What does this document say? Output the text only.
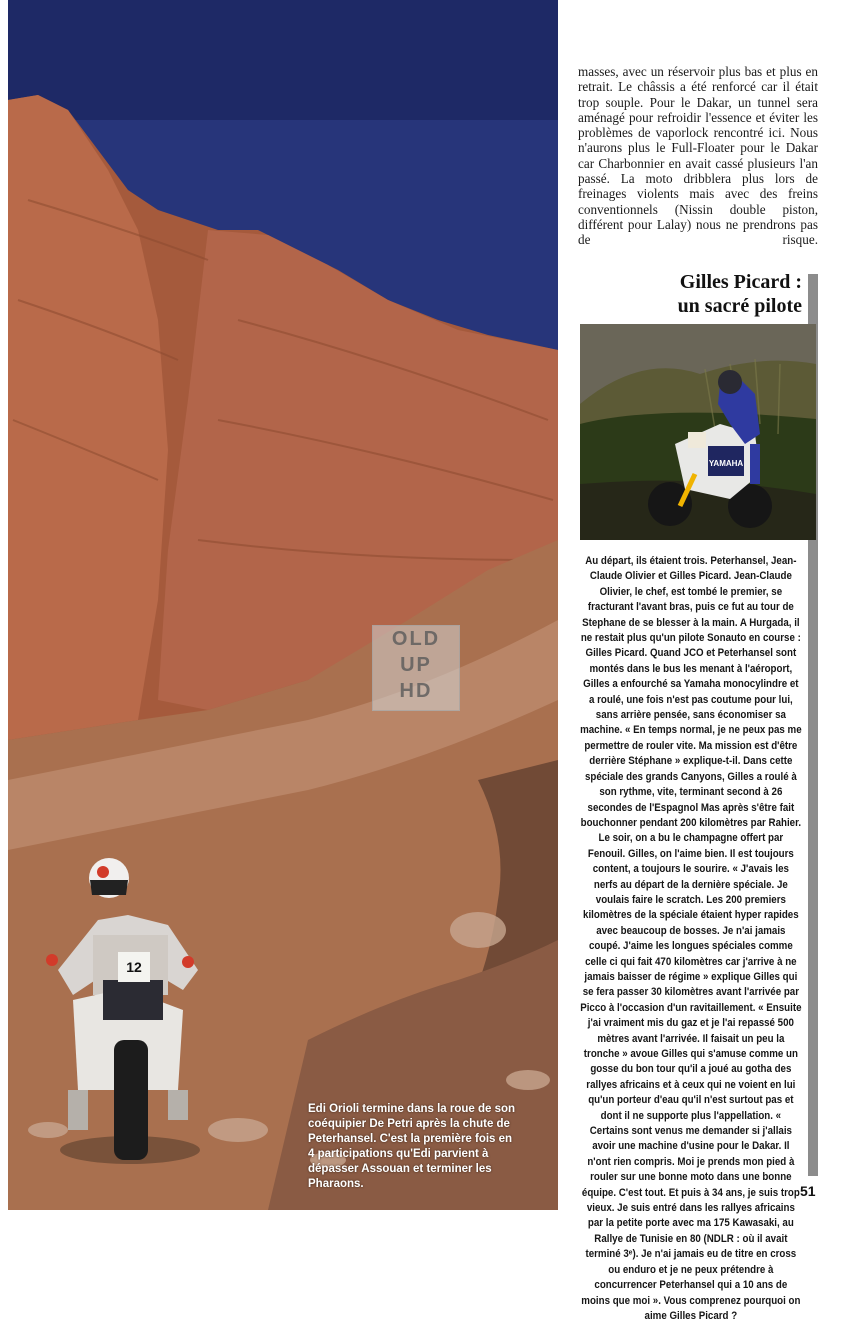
12
Edi Orioli termine dans la roue de son coéquipier De Petri après la chute de Peterhansel. C'est la première fois en 4 participations qu'Edi parvient à dépasser Assouan et terminer les Pharaons.
OLD
UP
HD

masses, avec un réservoir plus bas et plus en retrait. Le châssis a été renforcé car il était trop souple. Pour le Dakar, un tunnel sera aménagé pour refroidir l'essence et éviter les problèmes de vaporlock rencontré ici. Nous n'aurons plus le Full-Floater pour le Dakar car Charbonnier en avait cassé plusieurs l'an passé. La moto dribblera plus lors de freinages violents mais avec des freins conventionnels (Nissin double piston, différent pour Lalay) nous ne prendrons pas de risque.

Gilles Picard :
un sacré pilote
YAMAHA

Au départ, ils étaient trois. Peterhansel, Jean-Claude Olivier et Gilles Picard. Jean-Claude Olivier, le chef, est tombé le premier, se fracturant l'avant bras, puis ce fut au tour de Stephane de se blesser à la main. A Hurgada, il ne restait plus qu'un pilote Sonauto en course : Gilles Picard. Quand JCO et Peterhansel sont montés dans le bus les menant à l'aéroport, Gilles a enfourché sa Yamaha monocylindre et a roulé, une fois n'est pas coutume pour lui, sans arrière pensée, sans économiser sa machine. « En temps normal, je ne peux pas me permettre de rouler vite. Ma mission est d'être derrière Stéphane » explique-t-il. Dans cette spéciale des grands Canyons, Gilles a roulé à son rythme, vite, terminant second à 26 secondes de l'Espagnol Mas après s'être fait bouchonner pendant 200 kilomètres par Rahier. Le soir, on a bu le champagne offert par Fenouil. Gilles, on l'aime bien. Il est toujours content, a toujours le sourire. « J'avais les nerfs au départ de la dernière spéciale. Je voulais faire le scratch. Les 200 premiers kilomètres de la spéciale étaient hyper rapides avec beaucoup de bosses. Je n'ai jamais coupé. J'aime les longues spéciales comme celle ci qui fait 470 kilomètres car j'arrive à ne jamais baisser de régime » explique Gilles qui se fera passer 30 kilomètres avant l'arrivée par Picco à l'occasion d'un ravitaillement. « Ensuite j'ai vraiment mis du gaz et je l'ai repassé 500 mètres avant l'arrivée. Il faisait un peu la tronche » avoue Gilles qui s'amuse comme un gosse du bon tour qu'il a joué au gotha des rallyes africains et à ceux qui ne voient en lui qu'un porteur d'eau qu'il n'est surtout pas et dont il ne supporte plus l'appellation. « Certains sont venus me demander si j'allais avoir une machine d'usine pour le Dakar. Il n'ont rien compris. Moi je prends mon pied à rouler sur une bonne moto dans une bonne équipe. C'est tout. Et puis à 34 ans, je suis trop vieux. Je suis entré dans les rallyes africains par la petite porte avec ma 175 Kawasaki, au Rallye de Tunisie en 80 (NDLR : où il avait terminé 3ᵉ). Je n'ai jamais eu de titre en cross ou enduro et je ne peux prétendre à concurrencer Peterhansel qui a 10 ans de moins que moi ». Vous comprenez pourquoi on aime Gilles Picard ?

51
